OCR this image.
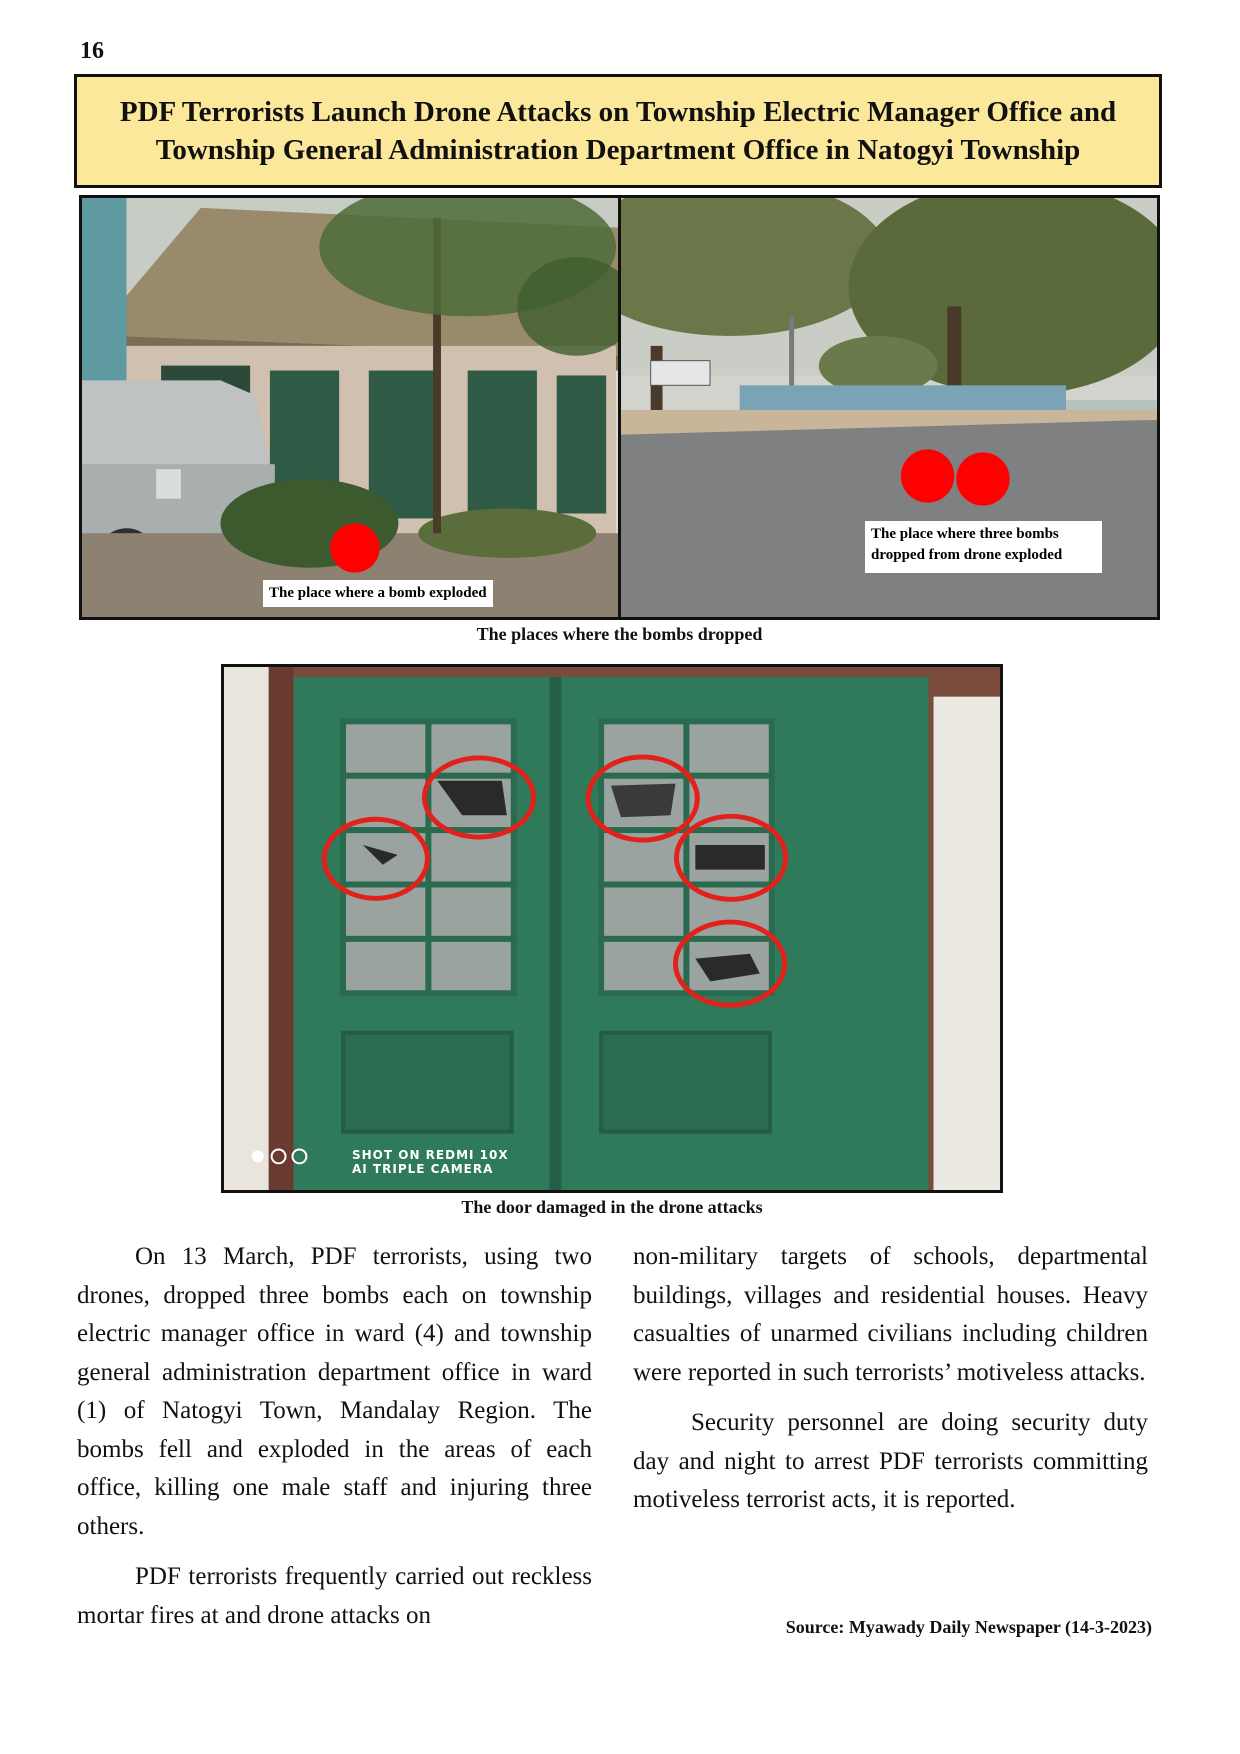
16
PDF Terrorists Launch Drone Attacks on Township Electric Manager Office and
Township General Administration Department Office in Natogyi Township
The place where a bomb exploded
The place where three bombs
dropped from drone exploded
The places where the bombs dropped
SHOT ON REDMI 10X
AI TRIPLE CAMERA
The door damaged in the drone attacks

On 13 March, PDF terrorists, using two drones, dropped three bombs each on township electric manager office in ward (4) and township general administration department office in ward (1) of Natogyi Town, Mandalay Region. The bombs fell and exploded in the areas of each office, killing one male staff and injuring three others.

PDF terrorists frequently carried out reckless mortar fires at and drone attacks on

non-military targets of schools, departmental buildings, villages and residential houses. Heavy casualties of unarmed civilians including children were reported in such terrorists’ motiveless attacks.

Security personnel are doing security duty day and night to arrest PDF terrorists committing motiveless terrorist acts, it is reported.

Source: Myawady Daily Newspaper (14-3-2023)
